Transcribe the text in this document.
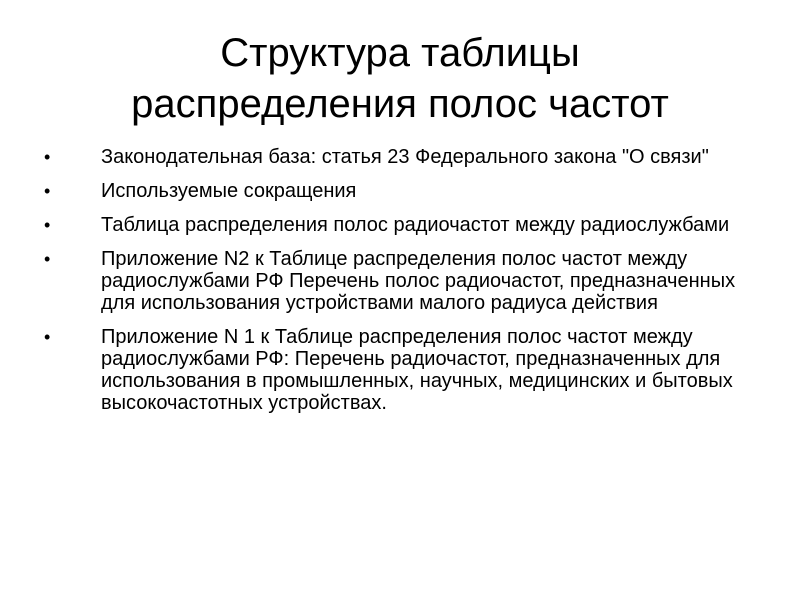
Структура таблицы
распределения полос частот
•	Законодательная база: статья 23 Федерального закона "О связи"
•	Используемые сокращения
•	Таблица распределения полос радиочастот между радиослужбами
•	Приложение N2 к Таблице распределения полос частот между радиослужбами РФ Перечень полос радиочастот, предназначенных для использования устройствами малого радиуса действия
•	Приложение N 1 к Таблице распределения полос частот между радиослужбами РФ: Перечень радиочастот, предназначенных для использования в промышленных, научных, медицинских и бытовых высокочастотных устройствах.
